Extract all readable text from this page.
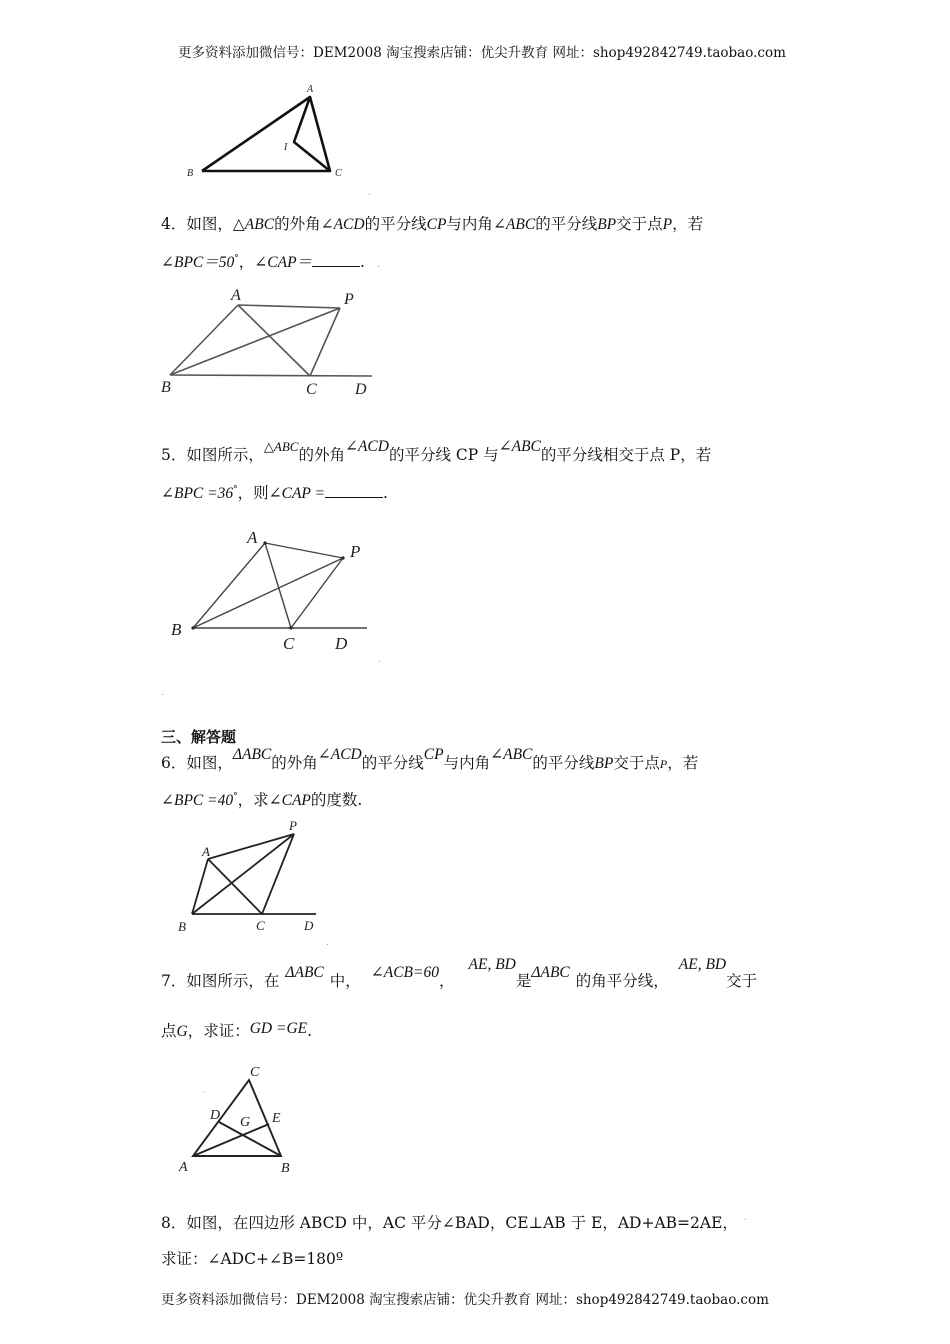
更多资料添加微信号：DEM2008 淘宝搜索店铺：优尖升教育 网址：shop492842749.taobao.com
A
B	C
I
.
4．如图，△ABC的外角∠ACD的平分线CP与内角∠ABC的平分线BP交于点P，若
∠BPC＝50°，∠CAP＝	. .
A	P
B	C D
5．如图所示，$^{\triangle ABC}$的外角∠ACD的平分线 CP 与∠ABC的平分线相交于点 P，若
∠BPC =36°，则∠CAP =	.
A
P
B
C D
.
.
三、解答题
6．如图，ΔABC的外角∠ACD的平分线CP与内角∠ABC的平分线BP交于点P，若
∠BPC =40°，求∠CAP的度数.
A
P
B	C	D
.
7．如图所示，在 ΔABC 中， ∠ACB=60，AE, BD是ΔABC 的角平分线，AE, BD交于
点G，求证：GD =GE.
C
D	E
G
A	B
.
8．如图，在四边形 ABCD 中，AC 平分∠BAD，CE⊥AB 于 E，AD+AB=2AE， .
求证：∠ADC+∠B=180º
更多资料添加微信号：DEM2008 淘宝搜索店铺：优尖升教育 网址：shop492842749.taobao.com
